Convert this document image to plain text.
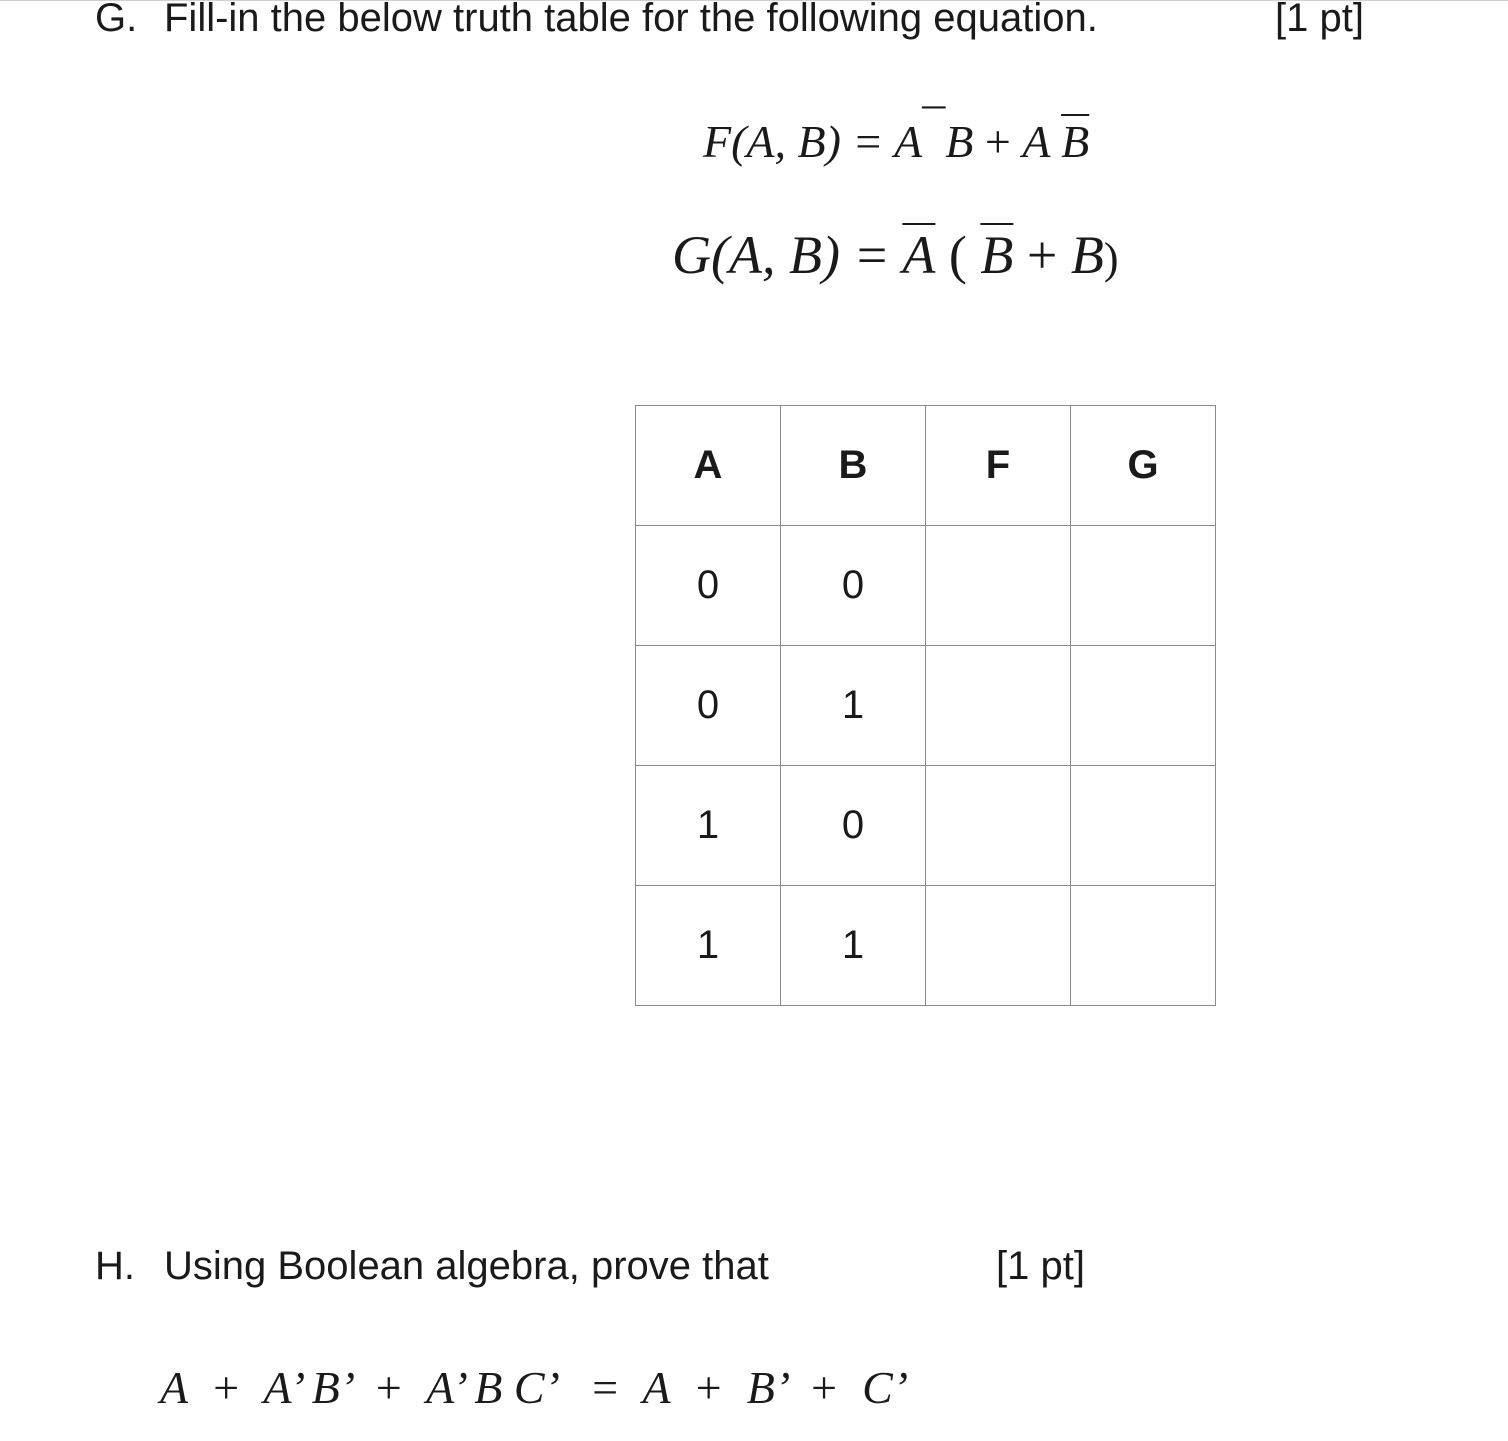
G. Fill-in the below truth table for the following equation.	[1 pt]
F(A, B) = A¯B + A $\overline{B}$
G(A, $B) = \overline{A}$ ( $\overline{B} + B$)
A	B	F	G
0	0		
0	1		
1	0		
1	1		
H. Using Boolean algebra, prove that	[1 pt]
A  +  A’ B’  +  A’ B C’   =  A  +  B’  +  C’
